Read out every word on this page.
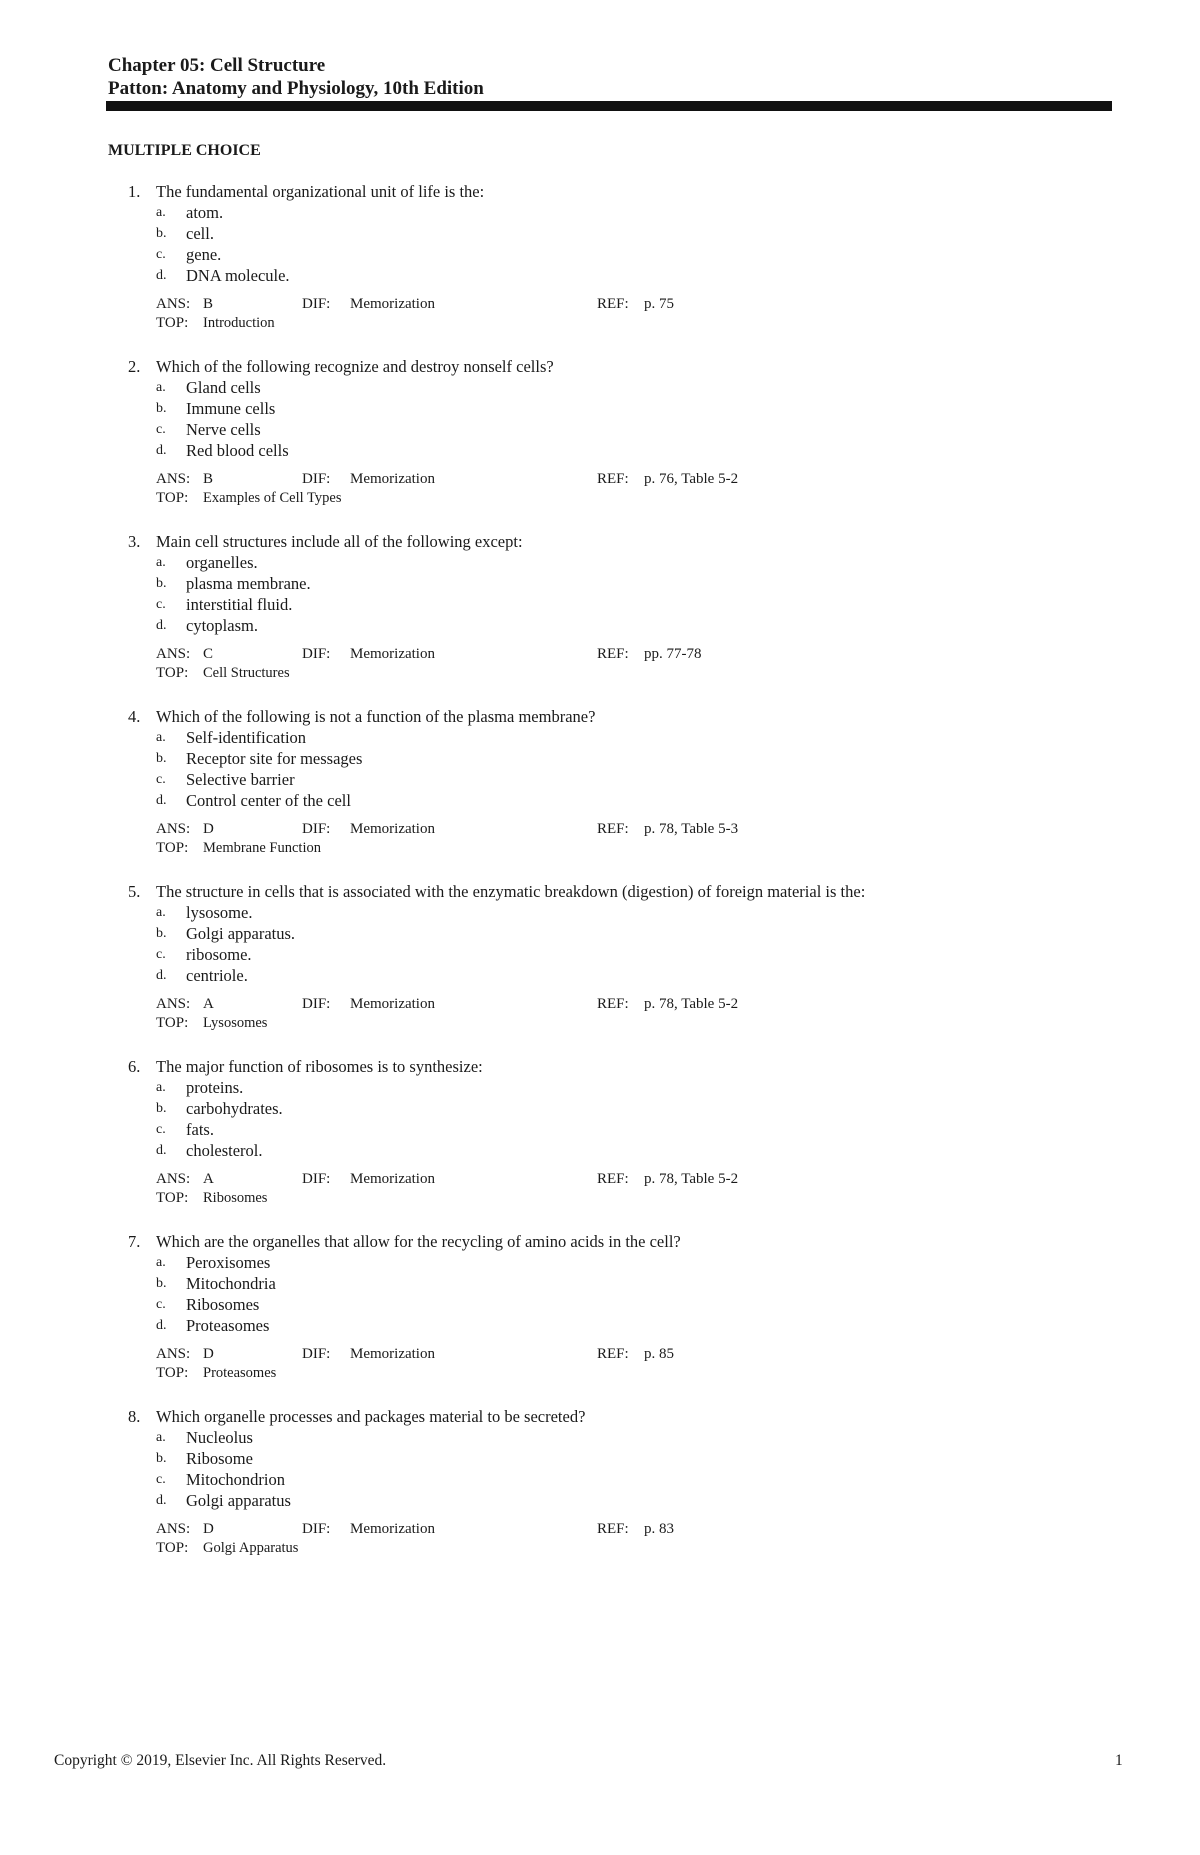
Chapter 05: Cell Structure
Patton: Anatomy and Physiology, 10th Edition
MULTIPLE CHOICE
1. The fundamental organizational unit of life is the:
a. atom.
b. cell.
c. gene.
d. DNA molecule.
ANS: B	DIF: Memorization	REF: p. 75
TOP: Introduction
2. Which of the following recognize and destroy nonself cells?
a. Gland cells
b. Immune cells
c. Nerve cells
d. Red blood cells
ANS: B	DIF: Memorization	REF: p. 76, Table 5-2
TOP: Examples of Cell Types
3. Main cell structures include all of the following except:
a. organelles.
b. plasma membrane.
c. interstitial fluid.
d. cytoplasm.
ANS: C	DIF: Memorization	REF: pp. 77-78
TOP: Cell Structures
4. Which of the following is not a function of the plasma membrane?
a. Self-identification
b. Receptor site for messages
c. Selective barrier
d. Control center of the cell
ANS: D	DIF: Memorization	REF: p. 78, Table 5-3
TOP: Membrane Function
5. The structure in cells that is associated with the enzymatic breakdown (digestion) of foreign material is the:
a. lysosome.
b. Golgi apparatus.
c. ribosome.
d. centriole.
ANS: A	DIF: Memorization	REF: p. 78, Table 5-2
TOP: Lysosomes
6. The major function of ribosomes is to synthesize:
a. proteins.
b. carbohydrates.
c. fats.
d. cholesterol.
ANS: A	DIF: Memorization	REF: p. 78, Table 5-2
TOP: Ribosomes
7. Which are the organelles that allow for the recycling of amino acids in the cell?
a. Peroxisomes
b. Mitochondria
c. Ribosomes
d. Proteasomes
ANS: D	DIF: Memorization	REF: p. 85
TOP: Proteasomes
8. Which organelle processes and packages material to be secreted?
a. Nucleolus
b. Ribosome
c. Mitochondrion
d. Golgi apparatus
ANS: D	DIF: Memorization	REF: p. 83
TOP: Golgi Apparatus
Copyright © 2019, Elsevier Inc. All Rights Reserved.	1
